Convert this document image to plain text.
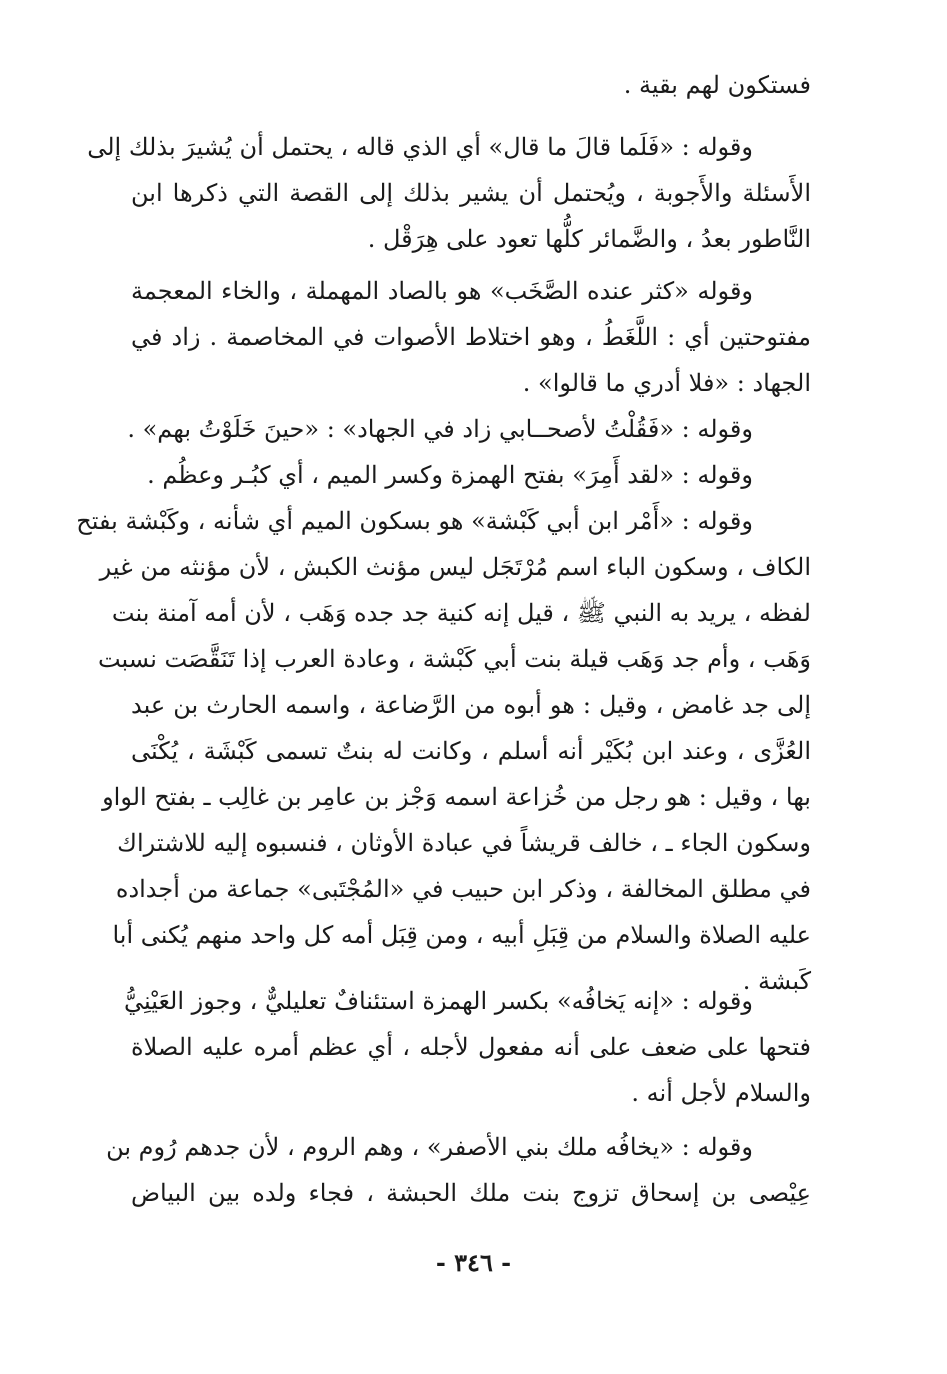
فستكون لهم بقية .
وقوله : «فَلَما قالَ ما قال» أي الذي قاله ، يحتمل أن يُشيرَ بذلك إلى
الأَسئلة والأَجوبة ، ويُحتمل أن يشير بذلك إلى القصة التي ذكرها ابن
النَّاطور بعدُ ، والضَّمائر كلُّها تعود على هِرَقْل .
وقوله «كثر عنده الصَّخَب» هو بالصاد المهملة ، والخاء المعجمة
مفتوحتين أي : اللَّغَطُ ، وهو اختلاط الأصوات في المخاصمة . زاد في
الجهاد : «فلا أدري ما قالوا» .
وقوله : «فَقُلْتُ لأصحــابي زاد في الجهاد» : «حينَ خَلَوْتُ بهم» .
وقوله : «لقد أَمِرَ» بفتح الهمزة وكسر الميم ، أي كبُـر وعظُم .
وقوله : «أَمْر ابن أبي كَبْشة» هو بسكون الميم أي شأنه ، وكَبْشة بفتح
الكاف ، وسكون الباء اسم مُرْتَجَل ليس مؤنث الكبش ، لأن مؤنثه من غير
لفظه ، يريد به النبي ﷺ ، قيل إنه كنية جد جده وَهَب ، لأن أمه آمنة بنت
وَهَب ، وأم جد وَهَب قيلة بنت أبي كَبْشة ، وعادة العرب إذا تَنَقَّصَت نسبت
إلى جد غامض ، وقيل : هو أبوه من الرَّضاعة ، واسمه الحارث بن عبد
العُزَّى ، وعند ابن بُكَيْر أنه أسلم ، وكانت له بنتٌ تسمى كَبْشَة ، يُكْنَى
بها ، وقيل : هو رجل من خُزاعة اسمه وَجْز بن عامِر بن غالِب ـ بفتح الواو
وسكون الجاء ـ ، خالف قريشاً في عبادة الأوثان ، فنسبوه إليه للاشتراك
في مطلق المخالفة ، وذكر ابن حبيب في «المُجْتَبى» جماعة من أجداده
عليه الصلاة والسلام من قِبَلِ أبيه ، ومن قِبَل أمه كل واحد منهم يُكنى أبا
كَبشة .
وقوله : «إنه يَخافُه» بكسر الهمزة استئنافٌ تعليليٌّ ، وجوز العَيْنِيُّ
فتحها على ضعف على أنه مفعول لأجله ، أي عظم أمره عليه الصلاة
والسلام لأجل أنه .
وقوله : «يخافُه ملك بني الأصفر» ، وهم الروم ، لأن جدهم رُوم بن
عِيْصى بن إسحاق تزوج بنت ملك الحبشة ، فجاء ولده بين البياض
- ٣٤٦ -
